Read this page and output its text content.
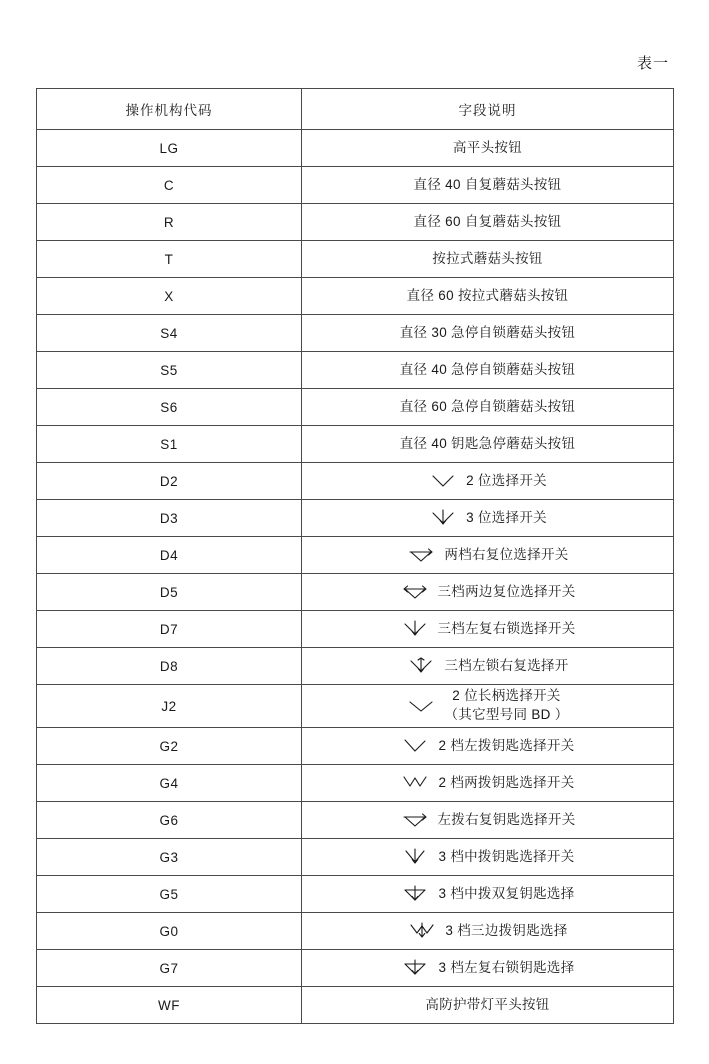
表一
操作机构代码	字段说明
LG	高平头按钮

C	直径 40 自复蘑菇头按钮

R	直径 60 自复蘑菇头按钮

T	按拉式蘑菇头按钮

X	直径 60 按拉式蘑菇头按钮

S4	直径 30 急停自锁蘑菇头按钮

S5	直径 40 急停自锁蘑菇头按钮

S6	直径 60 急停自锁蘑菇头按钮

S1	直径 40 钥匙急停蘑菇头按钮

D2	2 位选择开关

D3	3 位选择开关

D4	两档右复位选择开关

D5	三档两边复位选择开关

D7	三档左复右锁选择开关

D8	三档左锁右复选择开

J2	2 位长柄选择开关
（其它型号同 BD ）

G2	2 档左拨钥匙选择开关

G4	2 档两拨钥匙选择开关

G6	左拨右复钥匙选择开关

G3	3 档中拨钥匙选择开关

G5	3 档中拨双复钥匙选择

G0	3 档三边拨钥匙选择

G7	3 档左复右锁钥匙选择

WF	高防护带灯平头按钮
